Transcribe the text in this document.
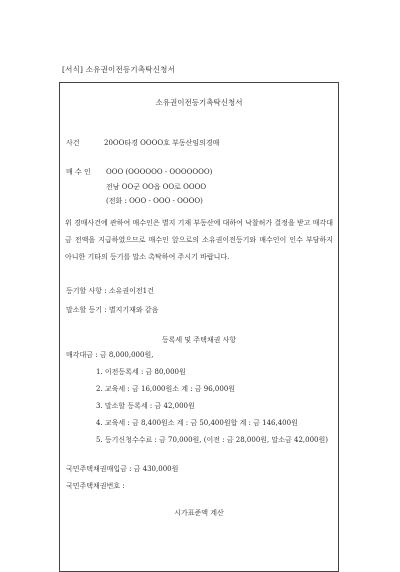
[서식] 소유권이전등기촉탁신청서
소유권이전등기촉탁신청서
사건	20OO타경 OOOO호 부동산임의경매
매 수 인 OOO (OOOOOO - OOOOOOO)
전남 OO군 OO읍 OO로 OOOO
(전화 : OOO - OOO - OOOO)
위 경매사건에 관하여 매수인은 별지 기재 부동산에 대하여 낙찰허가 결정을 받고 매각대금 전액을 지급하였으므로 매수인 앞으로의 소유권이전등기와 매수인이 인수 부담하지 아니한 기타의 등기를 말소 촉탁하여 주시기 바랍니다.
등기할 사항 : 소유권이전1건
말소할 등기 : 별지기재와 같음
등록세 및 주택채권 사항
매각대금 : 금 8,000,000원,
1. 이전등록세 : 금 80,000원
2. 교육세 : 금 16,000원소 계 : 금 96,000원
3. 말소할 등록세 : 금 42,000원
4. 교육세 : 금 8,400원소 계 : 금 50,400원합 계 : 금 146,400원
5. 등기신청수수료 : 금 70,000원, (이전 : 금 28,000원, 말소금 42,000원)
국민주택채권매입금 : 금 430,000원
국민주택채권번호 :
시가표준액 계산
